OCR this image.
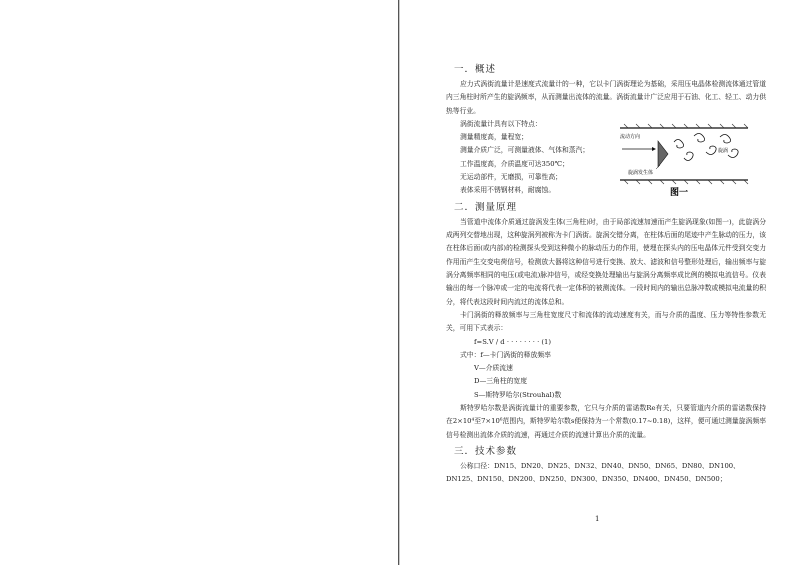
一．概述

应力式涡街流量计是速度式流量计的一种，它以卡门涡街理论为基础，采用压电晶体检测流体通过管道内三角柱时所产生的旋涡频率，从而测量出流体的流量。涡街流量计广泛应用于石油、化工、轻工、动力供热等行业。

涡街流量计具有以下特点：

测量精度高，量程宽；

测量介质广泛，可测量液体、气体和蒸汽；

工作温度高，介质温度可达350℃；

无运动部件，无磨损，可靠性高；

表体采用不锈钢材料，耐腐蚀。

流动方向
旋涡
旋涡发生体
图一
二．测量原理

当管道中流体介质通过旋涡发生体(三角柱)时，由于局部流速加速而产生旋涡现象(如图一)，此旋涡分成两列交替地出现，这种旋涡列被称为卡门涡街。旋涡交错分离，在柱体后面的尾迹中产生脉动的压力，该在柱体后面(或内部)的检测探头受到这种微小的脉动压力的作用，使埋在探头内的压电晶体元件受到交变力作用而产生交变电荷信号，检测放大器将这种信号进行变换、放大、滤波和信号整形处理后，输出频率与旋涡分离频率相同的电压(或电流)脉冲信号，或经变换处理输出与旋涡分离频率成比例的模拟电流信号。仪表输出的每一个脉冲或一定的电流将代表一定体积的被测流体。一段时间内的输出总脉冲数或模拟电流量的积分，将代表这段时间内流过的流体总和。

卡门涡街的释放频率与三角柱宽度尺寸和流体的流动速度有关，而与介质的温度、压力等特性参数无关，可用下式表示：

f=S.V / d · · · · · · · · (1)

式中：f—卡门涡街的释放频率

V—介质流速

D—三角柱的宽度

S—斯特罗哈尔(Strouhal)数

斯特罗哈尔数是涡街流量计的重要参数，它只与介质的雷诺数Re有关，只要管道内介质的雷诺数保持在2×10⁴至7×10⁶范围内，斯特罗哈尔数s便保持为一个常数(0.17~0.18)，这样，便可通过测量旋涡频率信号检测出流体介质的流速，再通过介质的流速计算出介质的流量。

三．技术参数

公称口径：DN15、DN20、DN25、DN32、DN40、DN50、DN65、DN80、DN100、

DN125、DN150、DN200、DN250、DN300、DN350、DN400、DN450、DN500；

1
